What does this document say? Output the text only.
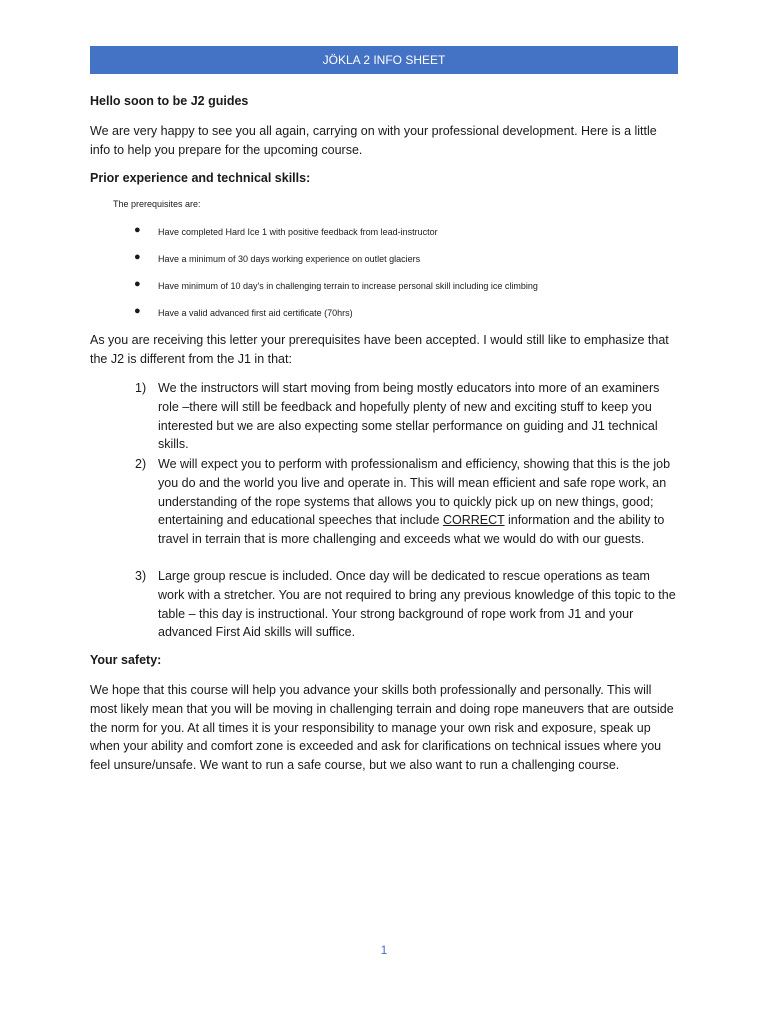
JÖKLA 2 INFO SHEET
Hello soon to be J2 guides
We are very happy to see you all again, carrying on with your professional development. Here is a little info to help you prepare for the upcoming course.
Prior experience and technical skills:
The prerequisites are:
● Have completed Hard Ice 1 with positive feedback from lead-instructor
● Have a minimum of 30 days working experience on outlet glaciers
● Have minimum of 10 day's in challenging terrain to increase personal skill including ice climbing
● Have a valid advanced first aid certificate (70hrs)
As you are receiving this letter your prerequisites have been accepted. I would still like to emphasize that the J2 is different from the J1 in that:
1) We the instructors will start moving from being mostly educators into more of an examiners role –there will still be feedback and hopefully plenty of new and exciting stuff to keep you interested but we are also expecting some stellar performance on guiding and J1 technical skills.
2) We will expect you to perform with professionalism and efficiency, showing that this is the job you do and the world you live and operate in. This will mean efficient and safe rope work, an understanding of the rope systems that allows you to quickly pick up on new things, good; entertaining and educational speeches that include CORRECT information and the ability to travel in terrain that is more challenging and exceeds what we would do with our guests.
3) Large group rescue is included. Once day will be dedicated to rescue operations as team work with a stretcher. You are not required to bring any previous knowledge of this topic to the table – this day is instructional. Your strong background of rope work from J1 and your advanced First Aid skills will suffice.
Your safety:
We hope that this course will help you advance your skills both professionally and personally. This will most likely mean that you will be moving in challenging terrain and doing rope maneuvers that are outside the norm for you. At all times it is your responsibility to manage your own risk and exposure, speak up when your ability and comfort zone is exceeded and ask for clarifications on technical issues where you feel unsure/unsafe. We want to run a safe course, but we also want to run a challenging course.
1
